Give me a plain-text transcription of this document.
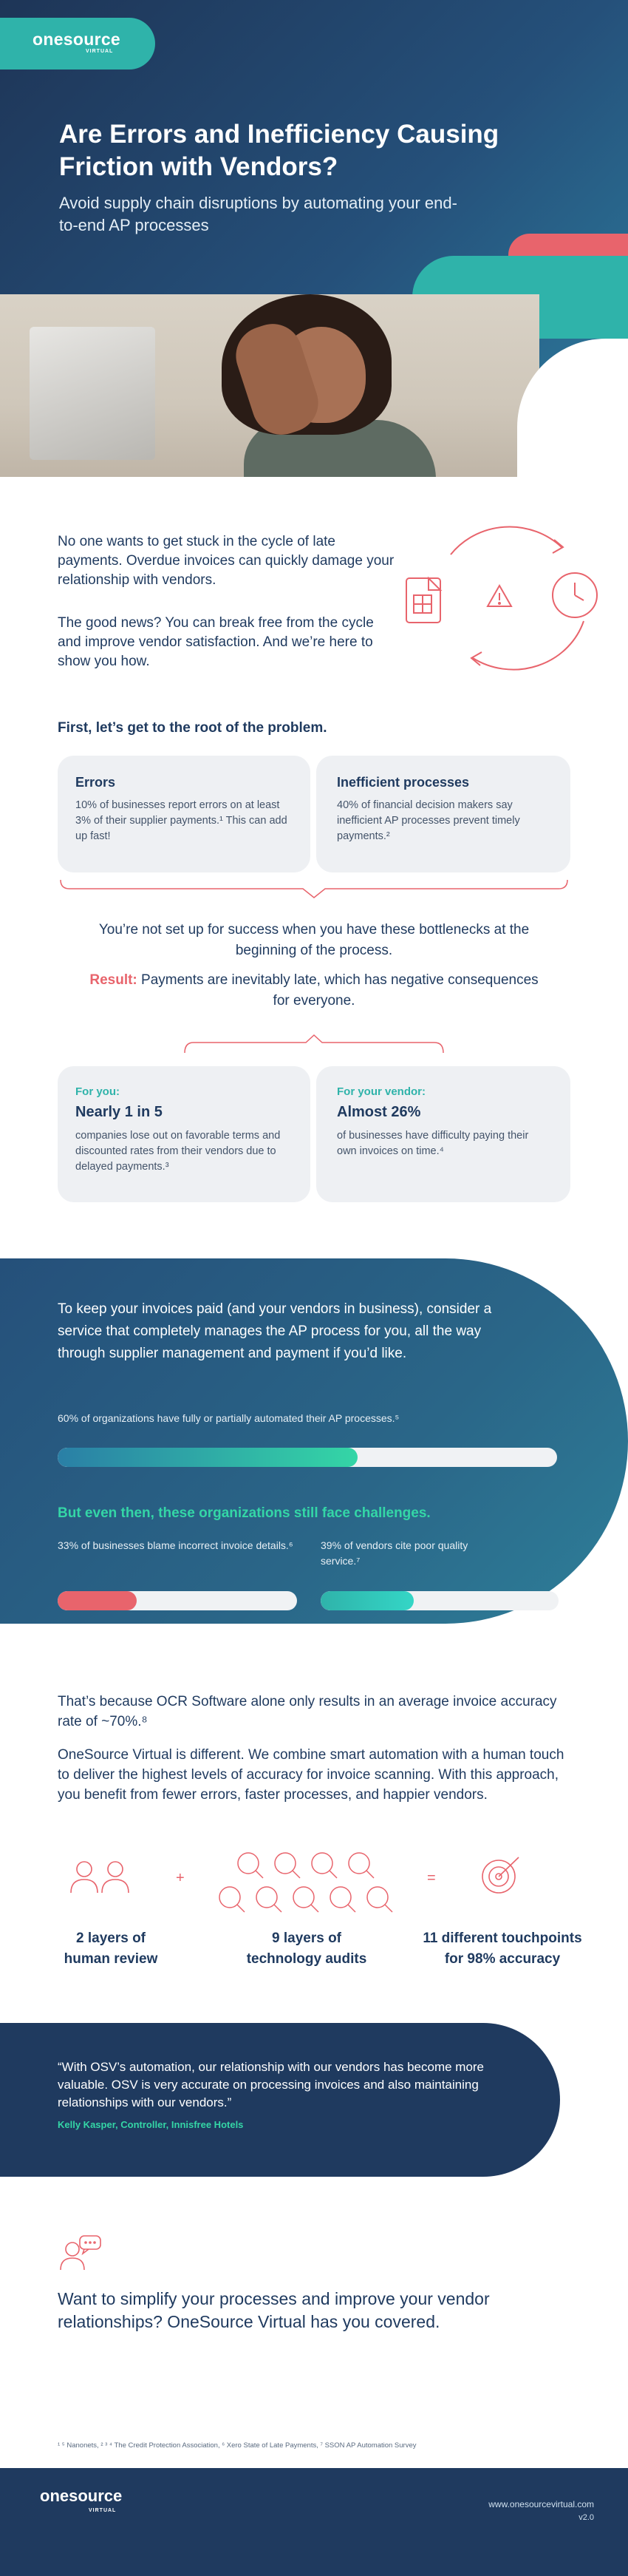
onesource
VIRTUAL
Are Errors and Inefficiency Causing Friction with Vendors?

Avoid supply chain disruptions by automating your end-to-end AP processes

No one wants to get stuck in the cycle of late payments. Overdue invoices can quickly damage your relationship with vendors.

The good news? You can break free from the cycle and improve vendor satisfaction. And we’re here to show you how.

First, let’s get to the root of the problem.
Errors
10% of businesses report errors on at least 3% of their supplier payments.¹ This can add up fast!
Inefficient processes
40% of financial decision makers say inefficient AP processes prevent timely payments.²

You’re not set up for success when you have these bottlenecks at the beginning of the process.

Result: Payments are inevitably late, which has negative consequences for everyone.

For you:
Nearly 1 in 5
companies lose out on favorable terms and discounted rates from their vendors due to delayed payments.³
For your vendor:
Almost 26%
of businesses have difficulty paying their own invoices on time.⁴

To keep your invoices paid (and your vendors in business), consider a service that completely manages the AP process for you, all the way through supplier management and payment if you’d like.

60% of organizations have fully or partially automated their AP processes.⁵

But even then, these organizations still face challenges.

33% of businesses blame incorrect invoice details.⁶	39% of vendors cite poor quality service.⁷

That’s because OCR Software alone only results in an average invoice accuracy rate of ~70%.⁸

OneSource Virtual is different. We combine smart automation with a human touch to deliver the highest levels of accuracy for invoice scanning. With this approach, you benefit from fewer errors, faster processes, and happier vendors.

+	=
2 layers of
human review
9 layers of
technology audits
11 different touchpoints
for 98% accuracy

“With OSV’s automation, our relationship with our vendors has become more valuable. OSV is very accurate on processing invoices and also maintaining relationships with our vendors.”

Kelly Kasper, Controller, Innisfree Hotels

Want to simplify your processes and improve your vendor relationships? OneSource Virtual has you covered.

¹ ⁵ Nanonets, ² ³ ⁴ The Credit Protection Association, ⁶ Xero State of Late Payments, ⁷ SSON AP Automation Survey

onesource
VIRTUAL
www.onesourcevirtual.com
v2.0
